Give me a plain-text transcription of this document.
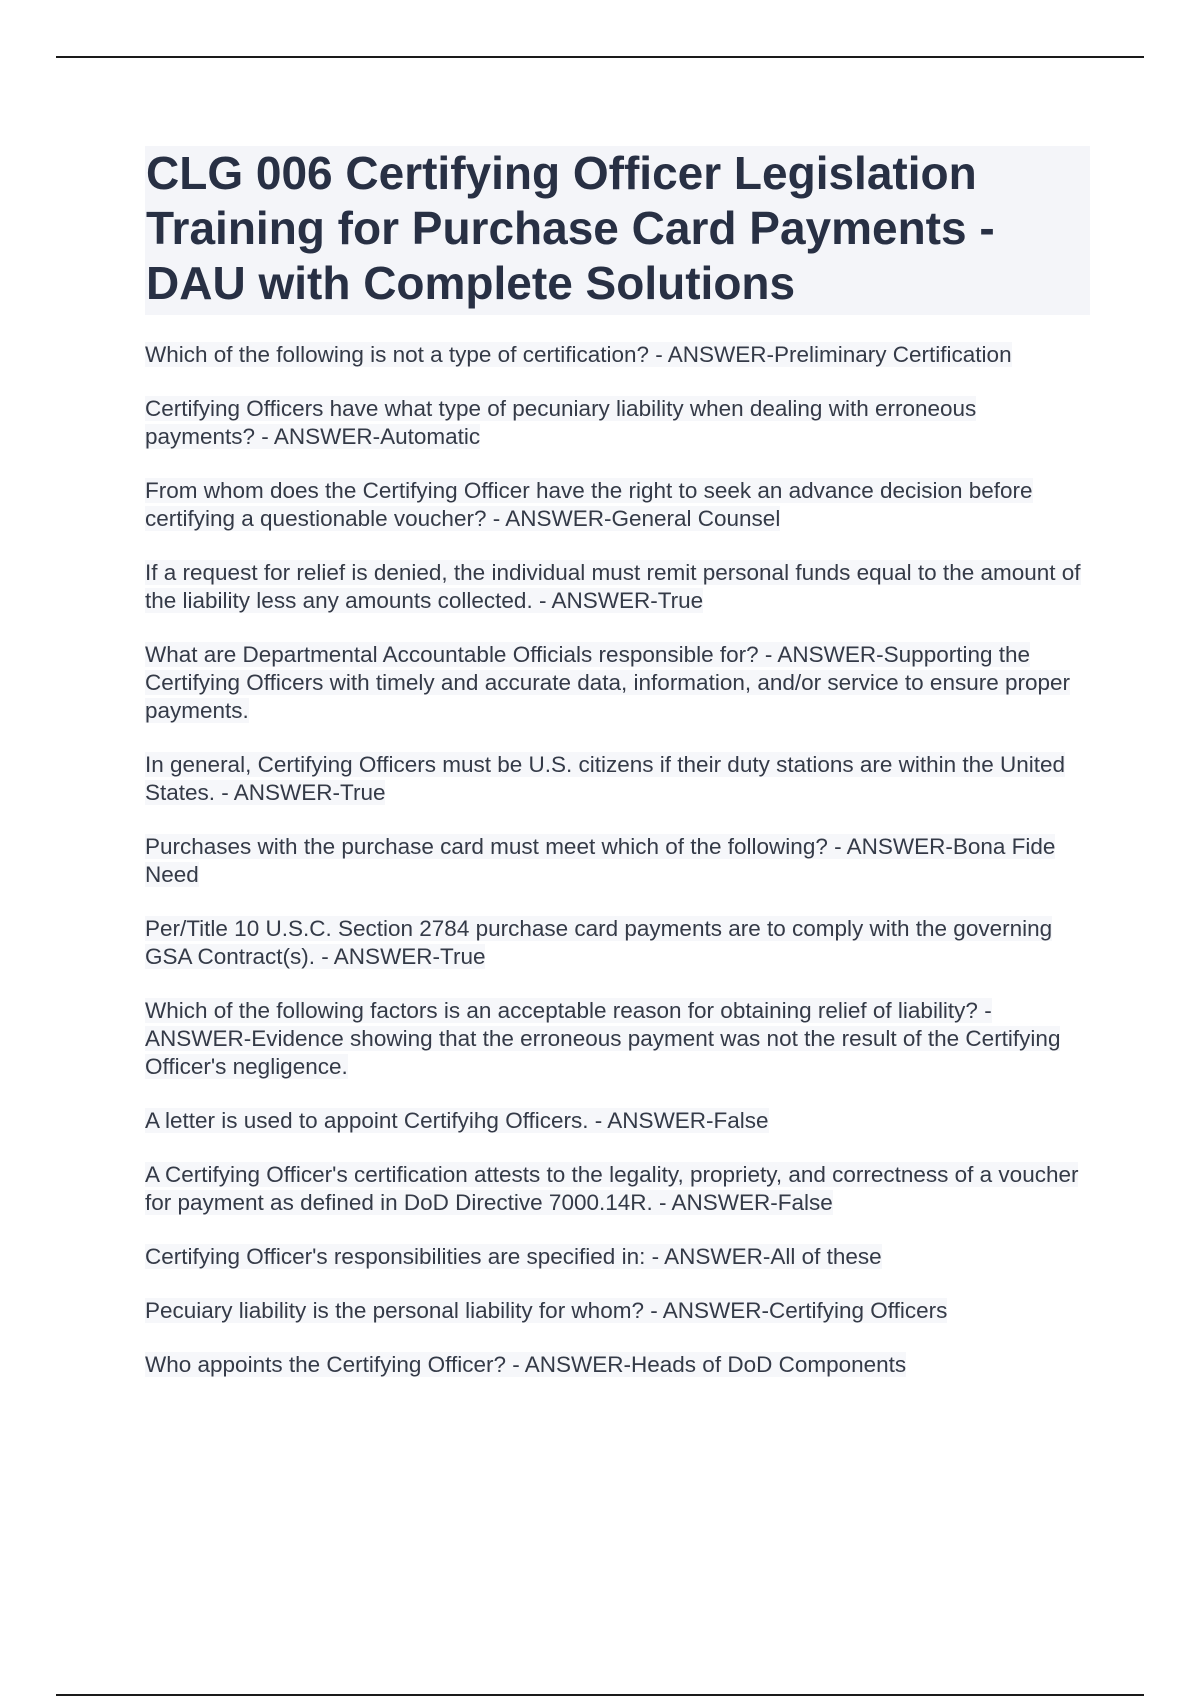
CLG 006 Certifying Officer Legislation Training for Purchase Card Payments - DAU with Complete Solutions
Which of the following is not a type of certification? - ANSWER-Preliminary Certification
Certifying Officers have what type of pecuniary liability when dealing with erroneous payments? - ANSWER-Automatic
From whom does the Certifying Officer have the right to seek an advance decision before certifying a questionable voucher? - ANSWER-General Counsel
If a request for relief is denied, the individual must remit personal funds equal to the amount of the liability less any amounts collected. - ANSWER-True
What are Departmental Accountable Officials responsible for? - ANSWER-Supporting the Certifying Officers with timely and accurate data, information, and/or service to ensure proper payments.
In general, Certifying Officers must be U.S. citizens if their duty stations are within the United States. - ANSWER-True
Purchases with the purchase card must meet which of the following? - ANSWER-Bona Fide Need
Per/Title 10 U.S.C. Section 2784 purchase card payments are to comply with the governing GSA Contract(s). - ANSWER-True
Which of the following factors is an acceptable reason for obtaining relief of liability? - ANSWER-Evidence showing that the erroneous payment was not the result of the Certifying Officer's negligence.
A letter is used to appoint Certifyihg Officers. - ANSWER-False
A Certifying Officer's certification attests to the legality, propriety, and correctness of a voucher for payment as defined in DoD Directive 7000.14R. - ANSWER-False
Certifying Officer's responsibilities are specified in: - ANSWER-All of these
Pecuiary liability is the personal liability for whom? - ANSWER-Certifying Officers
Who appoints the Certifying Officer? - ANSWER-Heads of DoD Components
